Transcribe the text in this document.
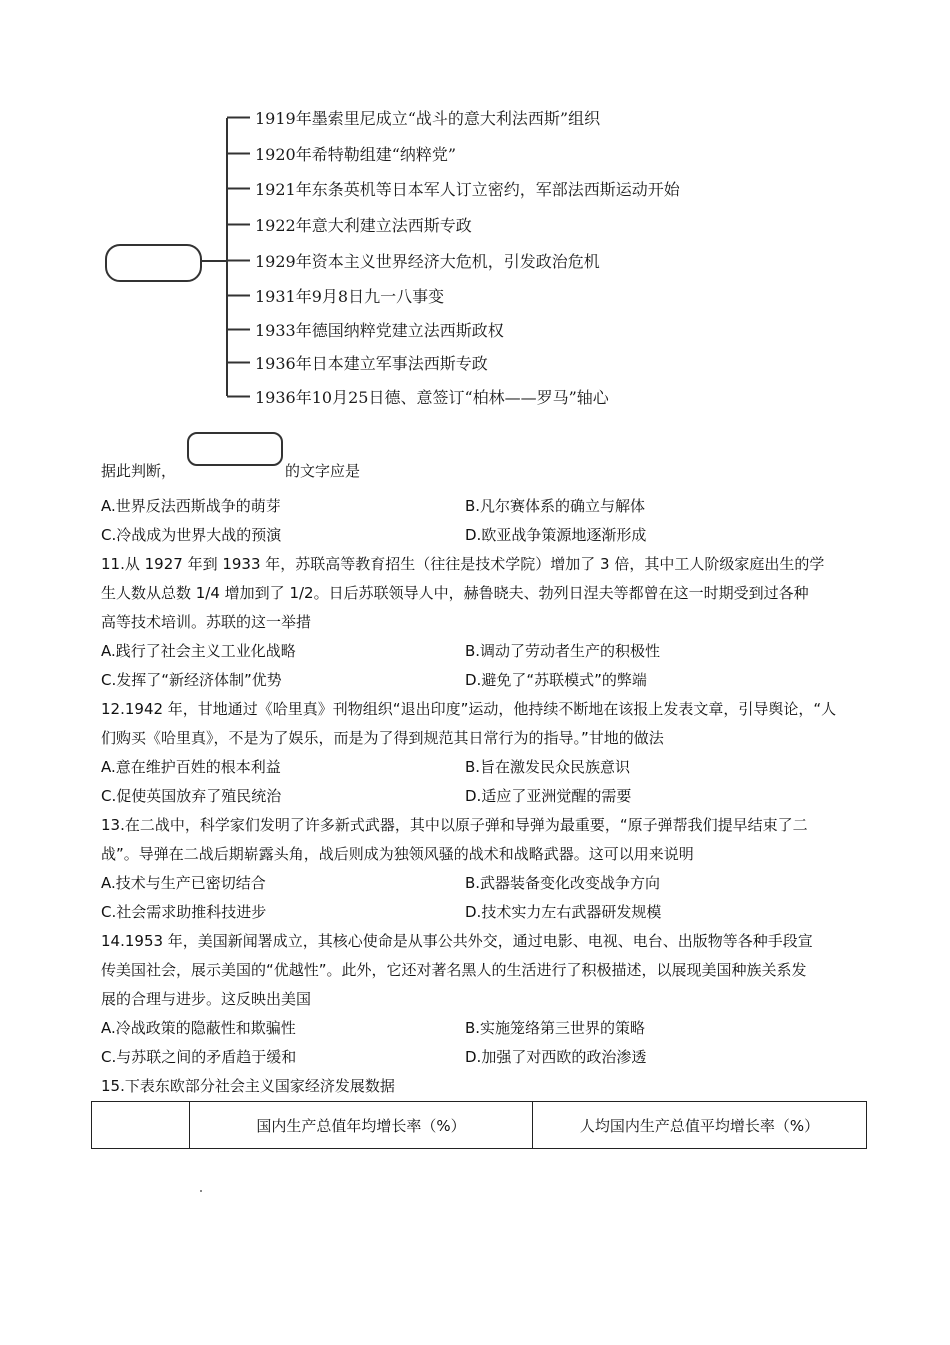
1919年墨索里尼成立“战斗的意大利法西斯”组织
1920年希特勒组建“纳粹党”
1921年东条英机等日本军人订立密约，军部法西斯运动开始
1922年意大利建立法西斯专政
1929年资本主义世界经济大危机，引发政治危机
1931年9月8日九一八事变
1933年德国纳粹党建立法西斯政权
1936年日本建立军事法西斯专政
1936年10月25日德、意签订“柏林——罗马”轴心
据此判断，	的文字应是
A.世界反法西斯战争的萌芽	B.凡尔赛体系的确立与解体
C.冷战成为世界大战的预演	D.欧亚战争策源地逐渐形成
11.从 1927 年到 1933 年，苏联高等教育招生（往往是技术学院）增加了 3 倍，其中工人阶级家庭出生的学
生人数从总数 1/4 增加到了 1/2。日后苏联领导人中，赫鲁晓夫、勃列日涅夫等都曾在这一时期受到过各种
高等技术培训。苏联的这一举措
A.践行了社会主义工业化战略	B.调动了劳动者生产的积极性
C.发挥了“新经济体制”优势	D.避免了“苏联模式”的弊端
12.1942 年，甘地通过《哈里真》刊物组织“退出印度”运动，他持续不断地在该报上发表文章，引导舆论，“人
们购买《哈里真》，不是为了娱乐，而是为了得到规范其日常行为的指导。”甘地的做法
A.意在维护百姓的根本利益	B.旨在激发民众民族意识
C.促使英国放弃了殖民统治	D.适应了亚洲觉醒的需要
13.在二战中，科学家们发明了许多新式武器，其中以原子弹和导弹为最重要，“原子弹帮我们提早结束了二
战”。导弹在二战后期崭露头角，战后则成为独领风骚的战术和战略武器。这可以用来说明
A.技术与生产已密切结合	B.武器装备变化改变战争方向
C.社会需求助推科技进步	D.技术实力左右武器研发规模
14.1953 年，美国新闻署成立，其核心使命是从事公共外交，通过电影、电视、电台、出版物等各种手段宣
传美国社会，展示美国的“优越性”。此外，它还对著名黑人的生活进行了积极描述，以展现美国种族关系发
展的合理与进步。这反映出美国
A.冷战政策的隐蔽性和欺骗性	B.实施笼络第三世界的策略
C.与苏联之间的矛盾趋于缓和	D.加强了对西欧的政治渗透
15.下表东欧部分社会主义国家经济发展数据
	国内生产总值年均增长率（%）	人均国内生产总值平均增长率（%）
